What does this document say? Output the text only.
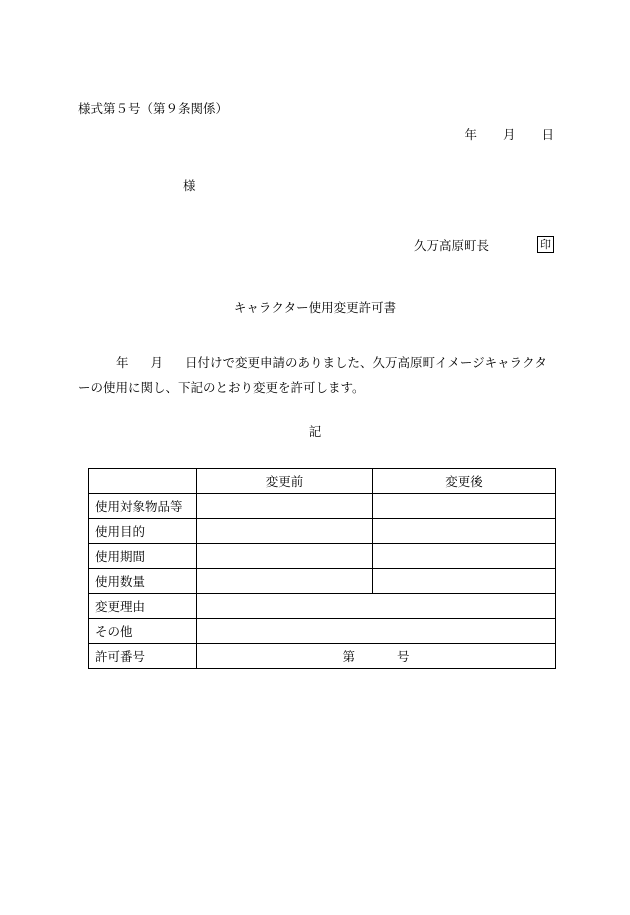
様式第５号（第９条関係）
年 月 日
様
久万高原町長	印
キャラクター使用変更許可書
年 月 日付けで変更申請のありました、久万高原町イメージキャラクターの使用に関し、下記のとおり変更を許可します。
記
	変更前	変更後
使用対象物品等		
使用目的		
使用期間		
使用数量		
変更理由		
その他		
許可番号	第 号	
